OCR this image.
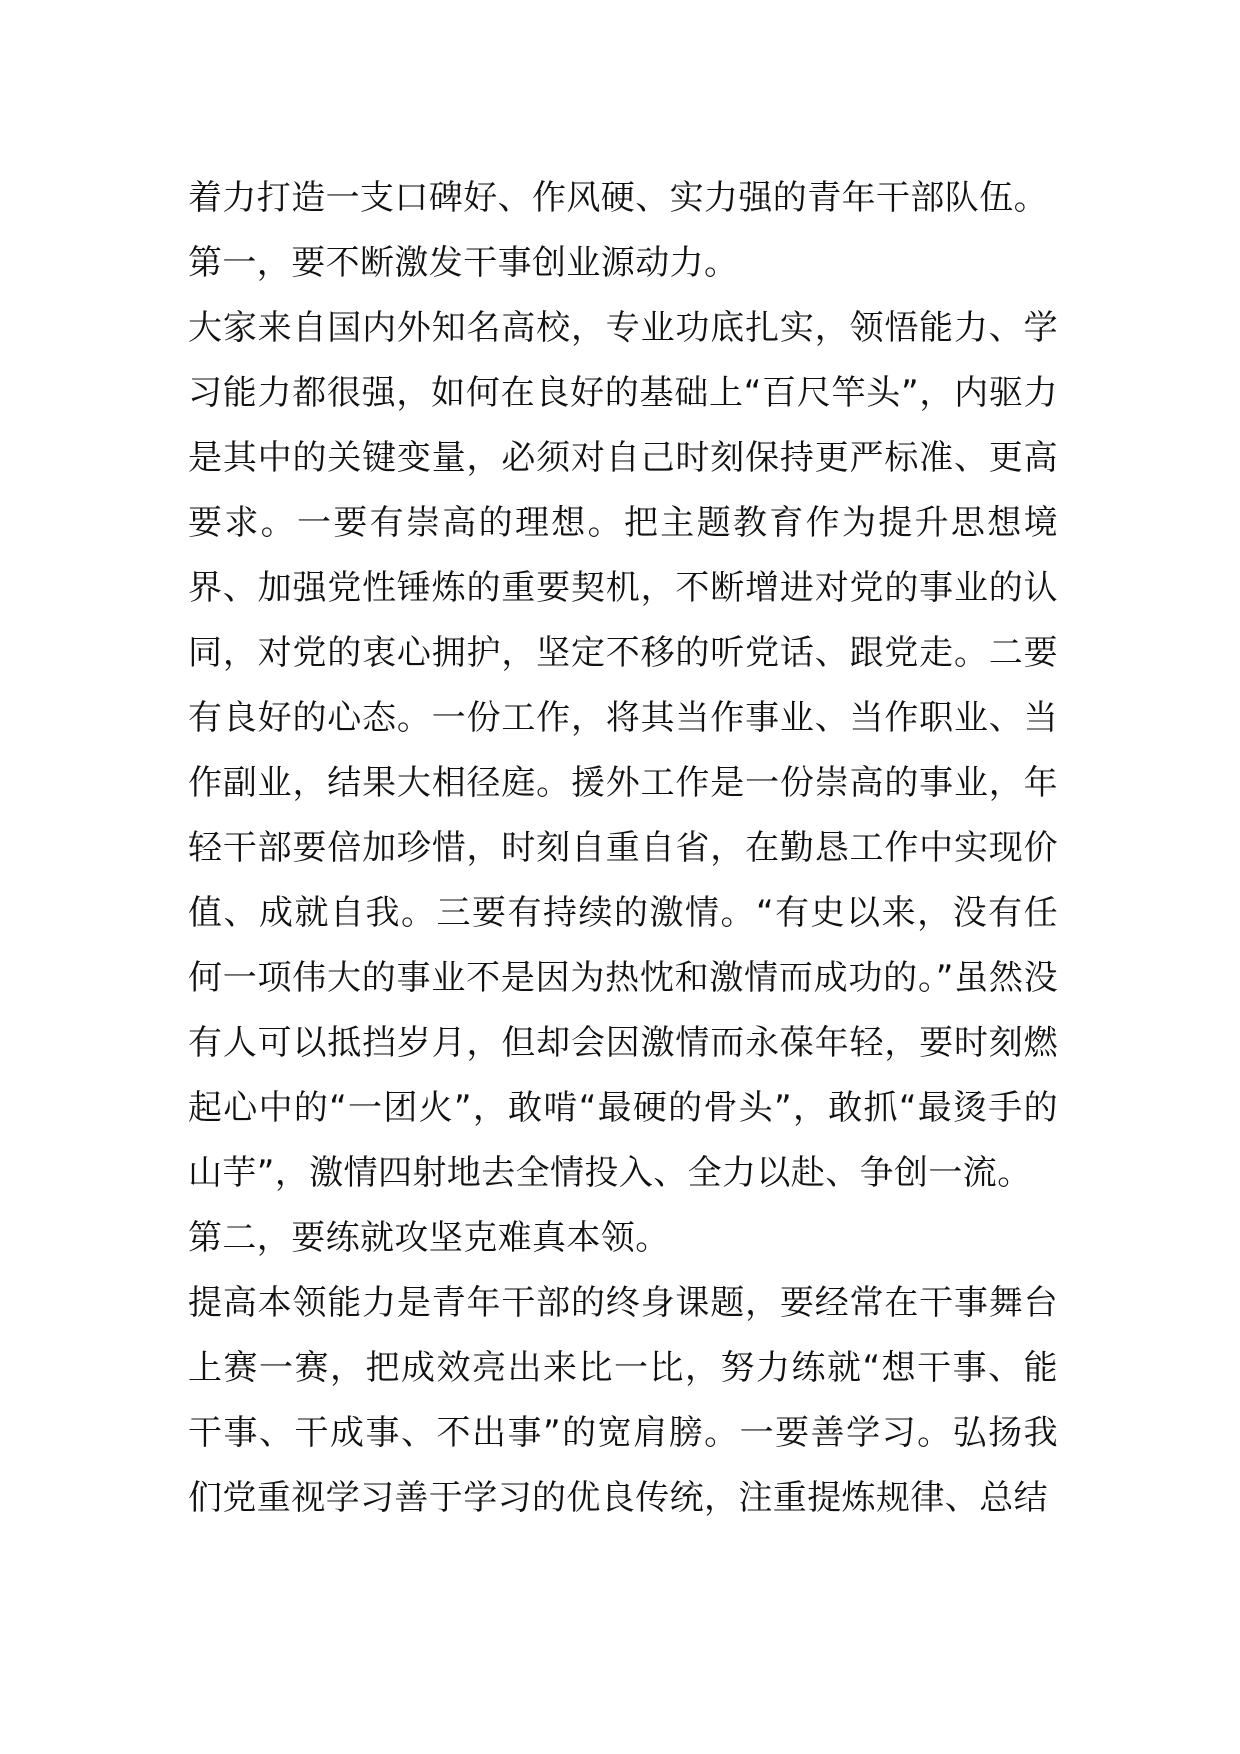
着力打造一支口碑好、作风硬、实力强的青年干部队伍。

第一，要不断激发干事创业源动力。

大家来自国内外知名高校，专业功底扎实，领悟能力、学习能力都很强，如何在良好的基础上“百尺竿头”，内驱力是其中的关键变量，必须对自己时刻保持更严标准、更高要求。一要有崇高的理想。把主题教育作为提升思想境界、加强党性锤炼的重要契机，不断增进对党的事业的认同，对党的衷心拥护，坚定不移的听党话、跟党走。二要有良好的心态。一份工作，将其当作事业、当作职业、当作副业，结果大相径庭。援外工作是一份崇高的事业，年轻干部要倍加珍惜，时刻自重自省，在勤恳工作中实现价值、成就自我。三要有持续的激情。“有史以来，没有任何一项伟大的事业不是因为热忱和激情而成功的。”虽然没有人可以抵挡岁月，但却会因激情而永葆年轻，要时刻燃起心中的“一团火”，敢啃“最硬的骨头”，敢抓“最烫手的山芋”，激情四射地去全情投入、全力以赴、争创一流。

第二，要练就攻坚克难真本领。

提高本领能力是青年干部的终身课题，要经常在干事舞台上赛一赛，把成效亮出来比一比，努力练就“想干事、能干事、干成事、不出事”的宽肩膀。一要善学习。弘扬我们党重视学习善于学习的优良传统，注重提炼规律、总结
